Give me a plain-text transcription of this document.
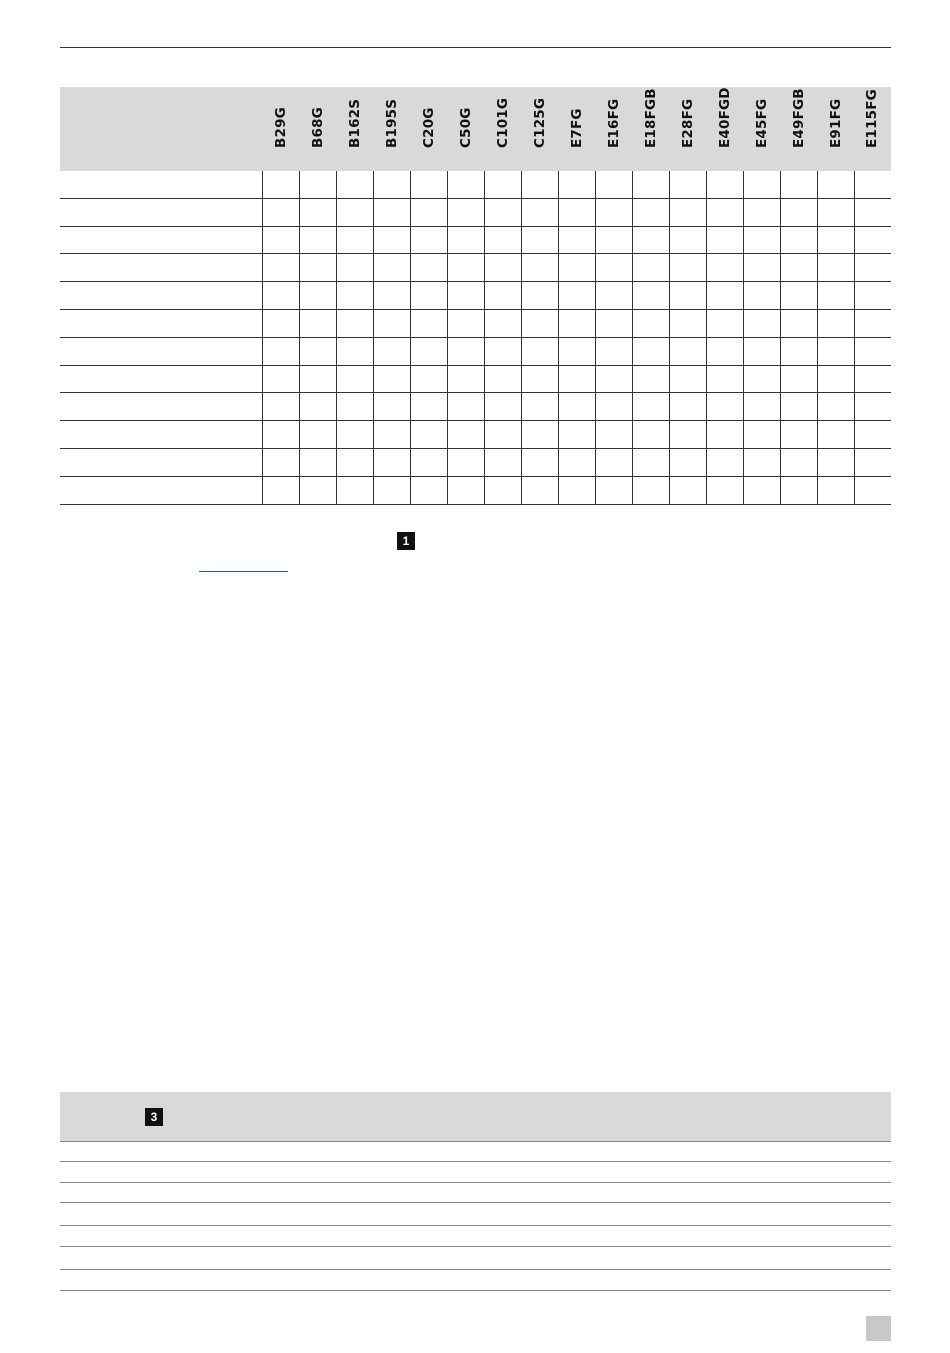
B29G B68G B162S B195S C20G C50G C101G C125G E7FG E16FG E18FGB E28FG E40FGD E45FG E49FGB E91FG E115FG
1
3
